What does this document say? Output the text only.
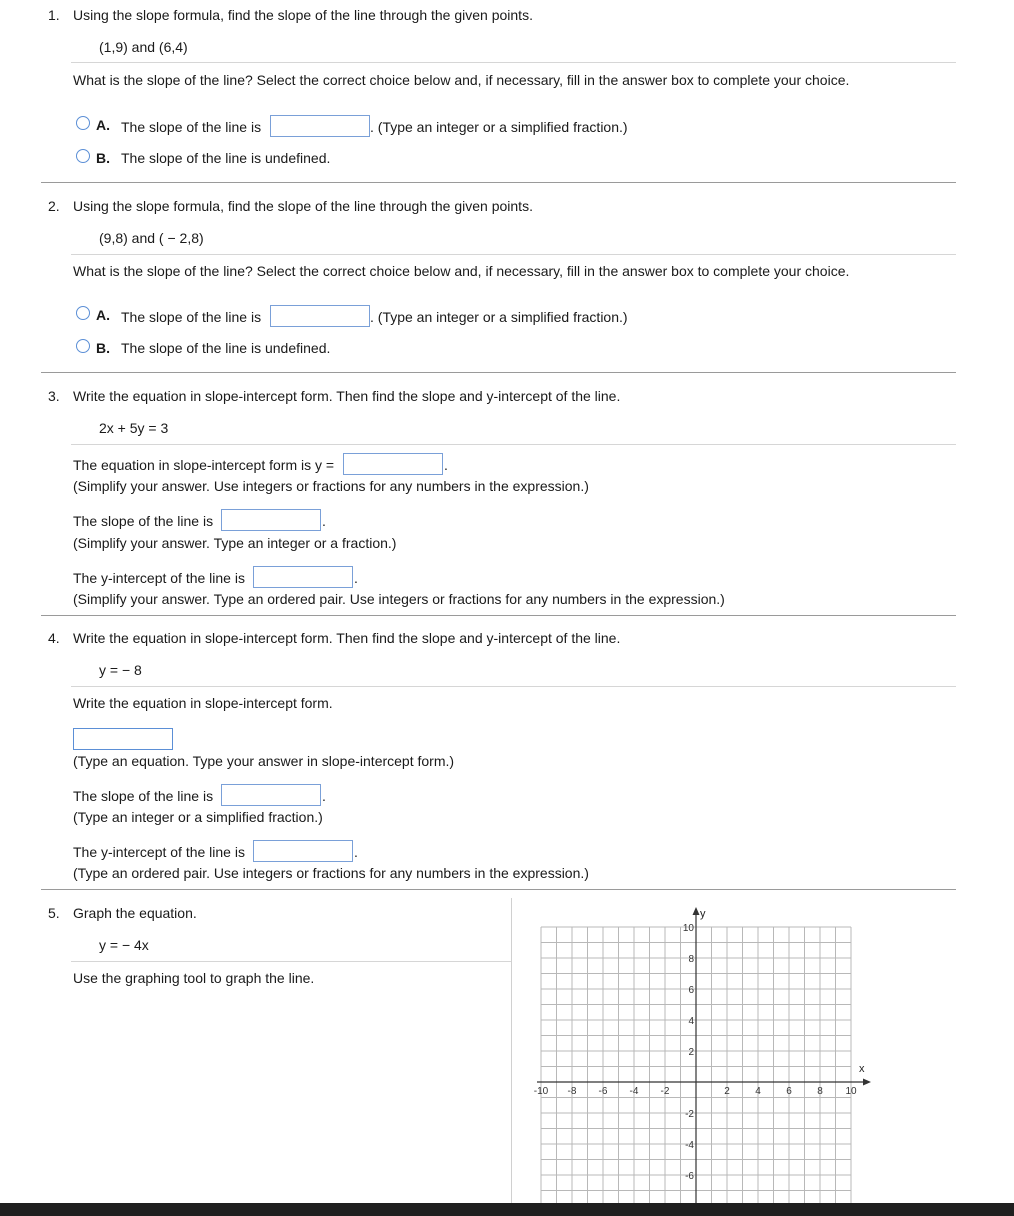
1. Using the slope formula, find the slope of the line through the given points.
(1,9) and (6,4)
What is the slope of the line? Select the correct choice below and, if necessary, fill in the answer box to complete your choice.
A. The slope of the line is	. (Type an integer or a simplified fraction.)
B. The slope of the line is undefined.
2. Using the slope formula, find the slope of the line through the given points.
(9,8) and ( − 2,8)
What is the slope of the line? Select the correct choice below and, if necessary, fill in the answer box to complete your choice.
A. The slope of the line is	. (Type an integer or a simplified fraction.)
B. The slope of the line is undefined.
3. Write the equation in slope-intercept form. Then find the slope and y-intercept of the line.
2x + 5y = 3
The equation in slope-intercept form is y =	.
(Simplify your answer. Use integers or fractions for any numbers in the expression.)
The slope of the line is	.
(Simplify your answer. Type an integer or a fraction.)
The y-intercept of the line is	.
(Simplify your answer. Type an ordered pair. Use integers or fractions for any numbers in the expression.)
4. Write the equation in slope-intercept form. Then find the slope and y-intercept of the line.
y = − 8
Write the equation in slope-intercept form.
(Type an equation. Type your answer in slope-intercept form.)
The slope of the line is	.
(Type an integer or a simplified fraction.)
The y-intercept of the line is	.
(Type an ordered pair. Use integers or fractions for any numbers in the expression.)
5. Graph the equation.
y = − 4x
Use the graphing tool to graph the line.
-10 -8 -6 -4 -2	2	4	6	8 10
10
8
6
4
2
-2
-4
-6
x
y
